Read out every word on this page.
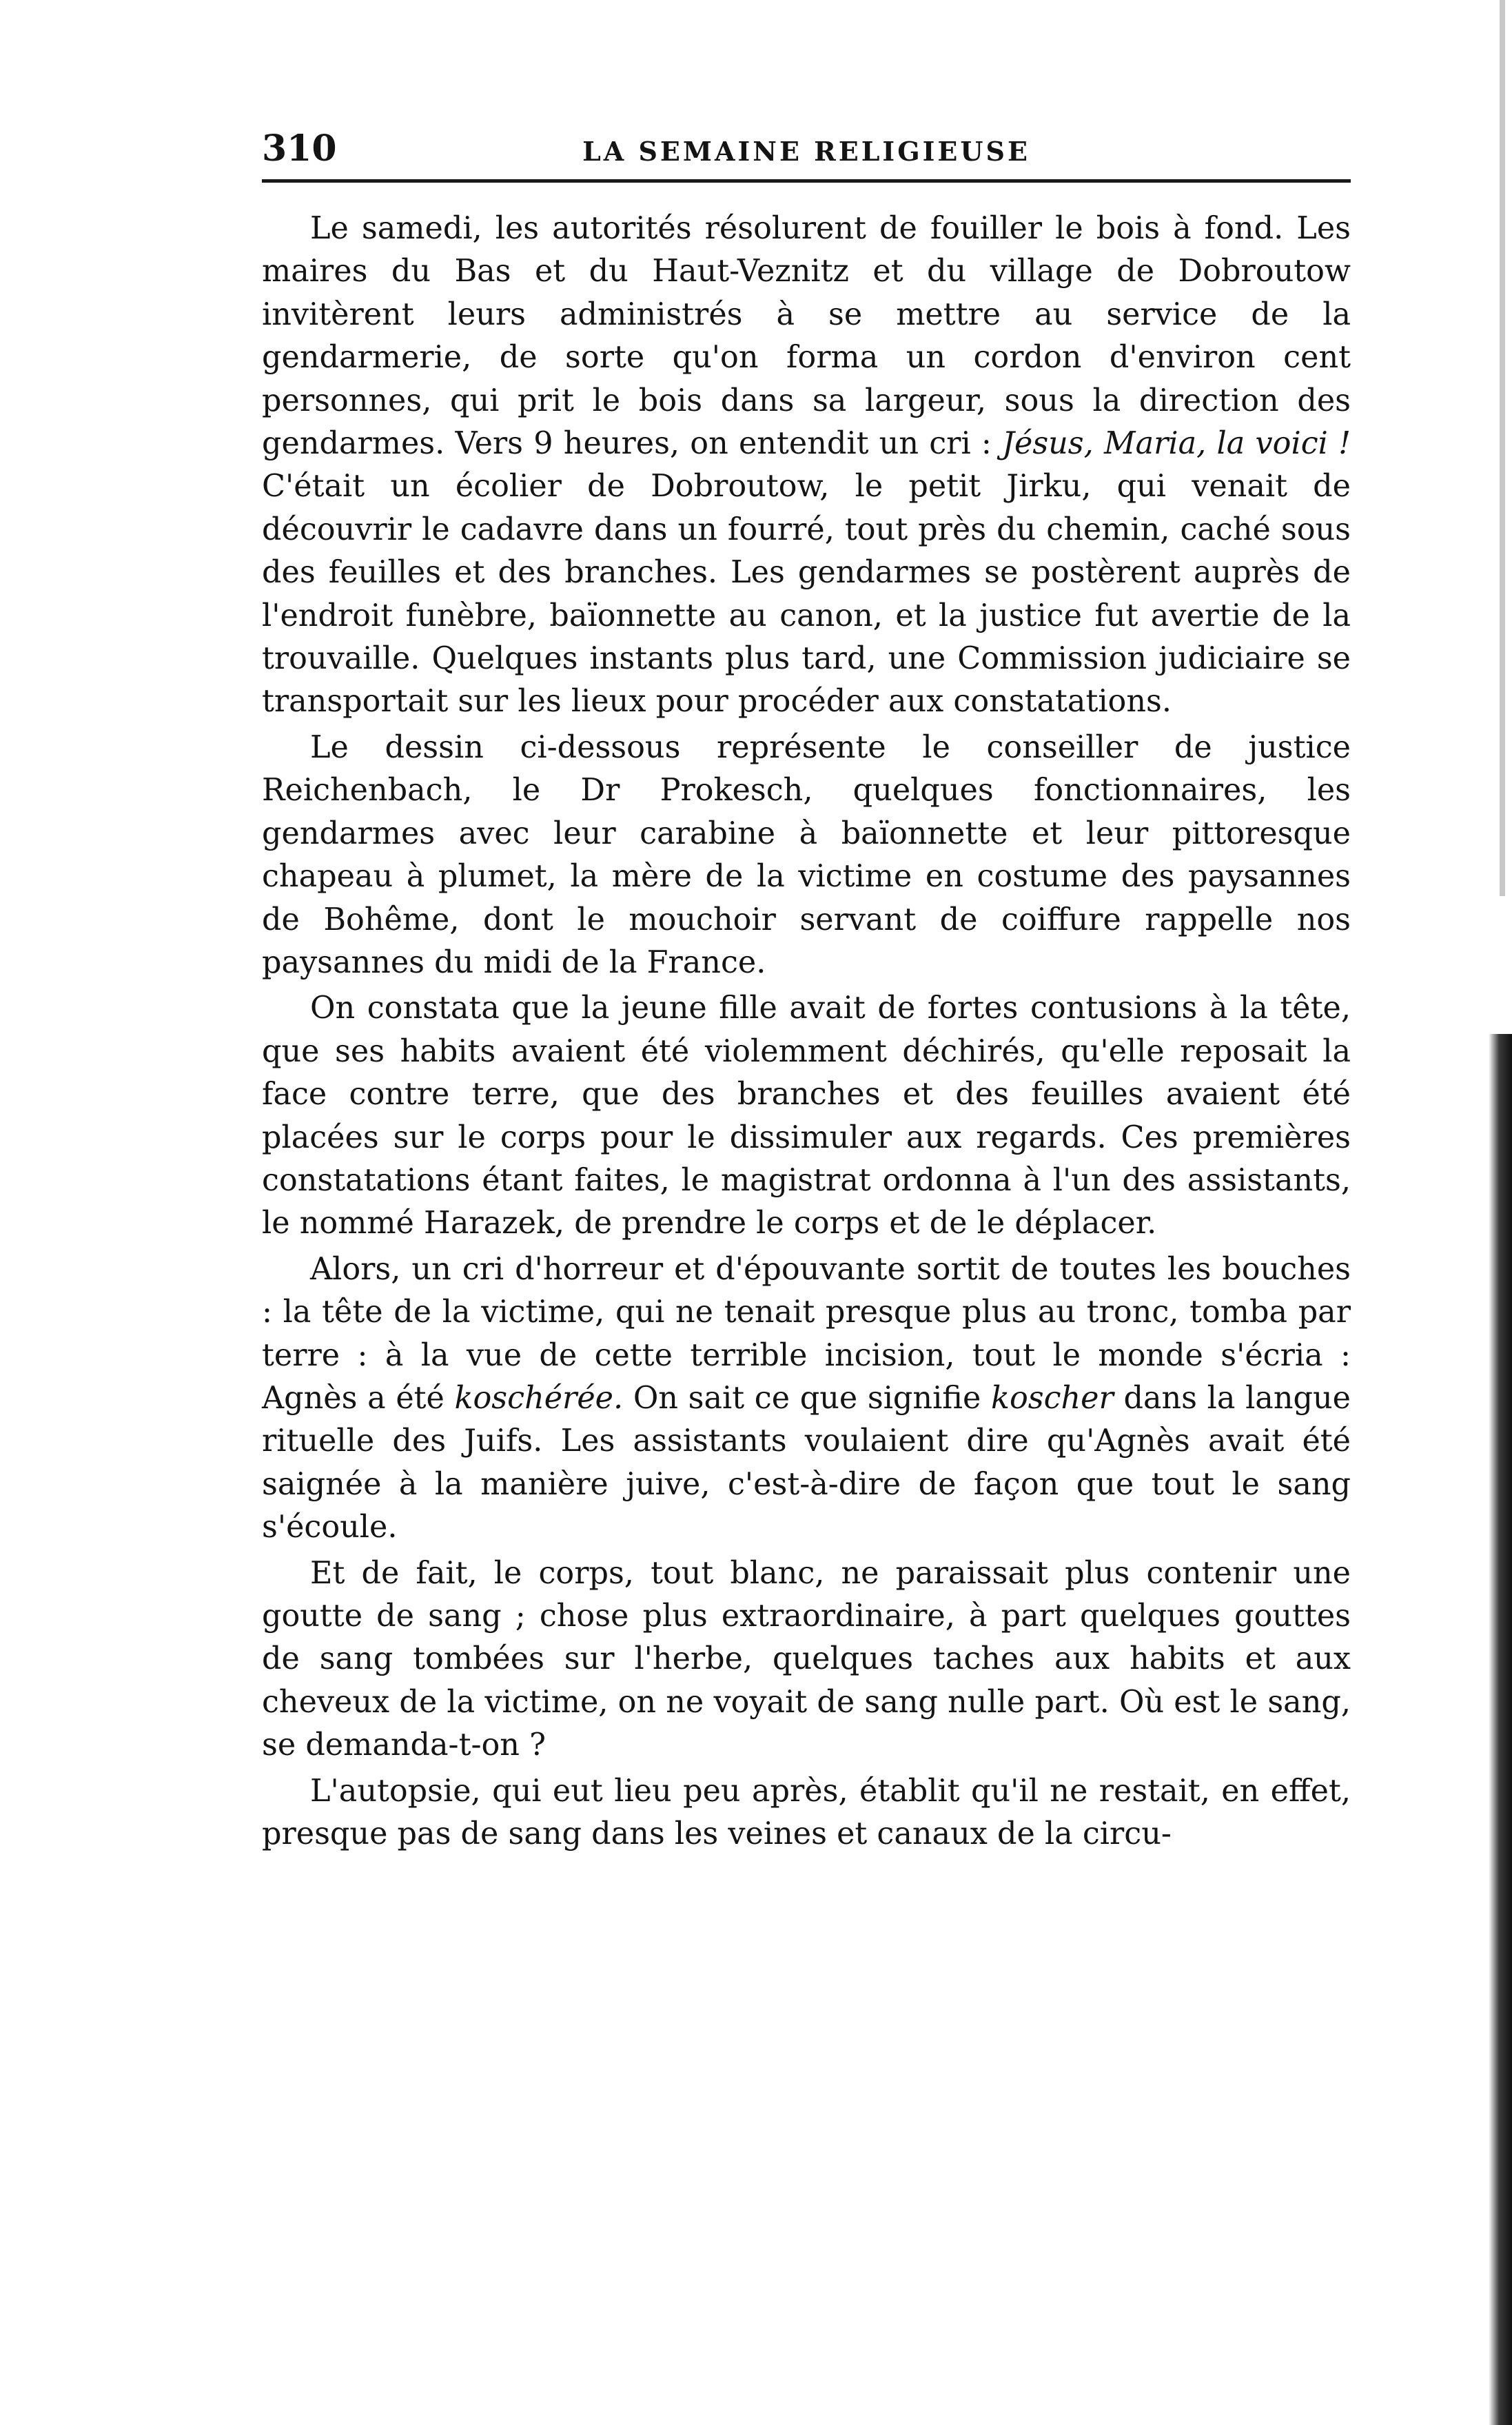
310	LA SEMAINE RELIGIEUSE

Le samedi, les autorités résolurent de fouiller le bois à fond. Les maires du Bas et du Haut-Veznitz et du village de Dobroutow invitèrent leurs administrés à se mettre au service de la gendarmerie, de sorte qu'on forma un cordon d'environ cent personnes, qui prit le bois dans sa largeur, sous la direction des gendarmes. Vers 9 heures, on entendit un cri : Jésus, Maria, la voici ! C'était un écolier de Dobroutow, le petit Jirku, qui venait de découvrir le cadavre dans un fourré, tout près du chemin, caché sous des feuilles et des branches. Les gendarmes se postèrent auprès de l'endroit funèbre, baïonnette au canon, et la justice fut avertie de la trouvaille. Quelques instants plus tard, une Commission judiciaire se transportait sur les lieux pour procéder aux constatations.

Le dessin ci-dessous représente le conseiller de justice Reichenbach, le Dr Prokesch, quelques fonctionnaires, les gendarmes avec leur carabine à baïonnette et leur pittoresque chapeau à plumet, la mère de la victime en costume des paysannes de Bohême, dont le mouchoir servant de coiffure rappelle nos paysannes du midi de la France.

On constata que la jeune fille avait de fortes contusions à la tête, que ses habits avaient été violemment déchirés, qu'elle reposait la face contre terre, que des branches et des feuilles avaient été placées sur le corps pour le dissimuler aux regards. Ces premières constatations étant faites, le magistrat ordonna à l'un des assistants, le nommé Harazek, de prendre le corps et de le déplacer.

Alors, un cri d'horreur et d'épouvante sortit de toutes les bouches : la tête de la victime, qui ne tenait presque plus au tronc, tomba par terre : à la vue de cette terrible incision, tout le monde s'écria : Agnès a été koschérée. On sait ce que signifie koscher dans la langue rituelle des Juifs. Les assistants voulaient dire qu'Agnès avait été saignée à la manière juive, c'est-à-dire de façon que tout le sang s'écoule.

Et de fait, le corps, tout blanc, ne paraissait plus contenir une goutte de sang ; chose plus extraordinaire, à part quelques gouttes de sang tombées sur l'herbe, quelques taches aux habits et aux cheveux de la victime, on ne voyait de sang nulle part. Où est le sang, se demanda-t-on ?

L'autopsie, qui eut lieu peu après, établit qu'il ne restait, en effet, presque pas de sang dans les veines et canaux de la circu-
